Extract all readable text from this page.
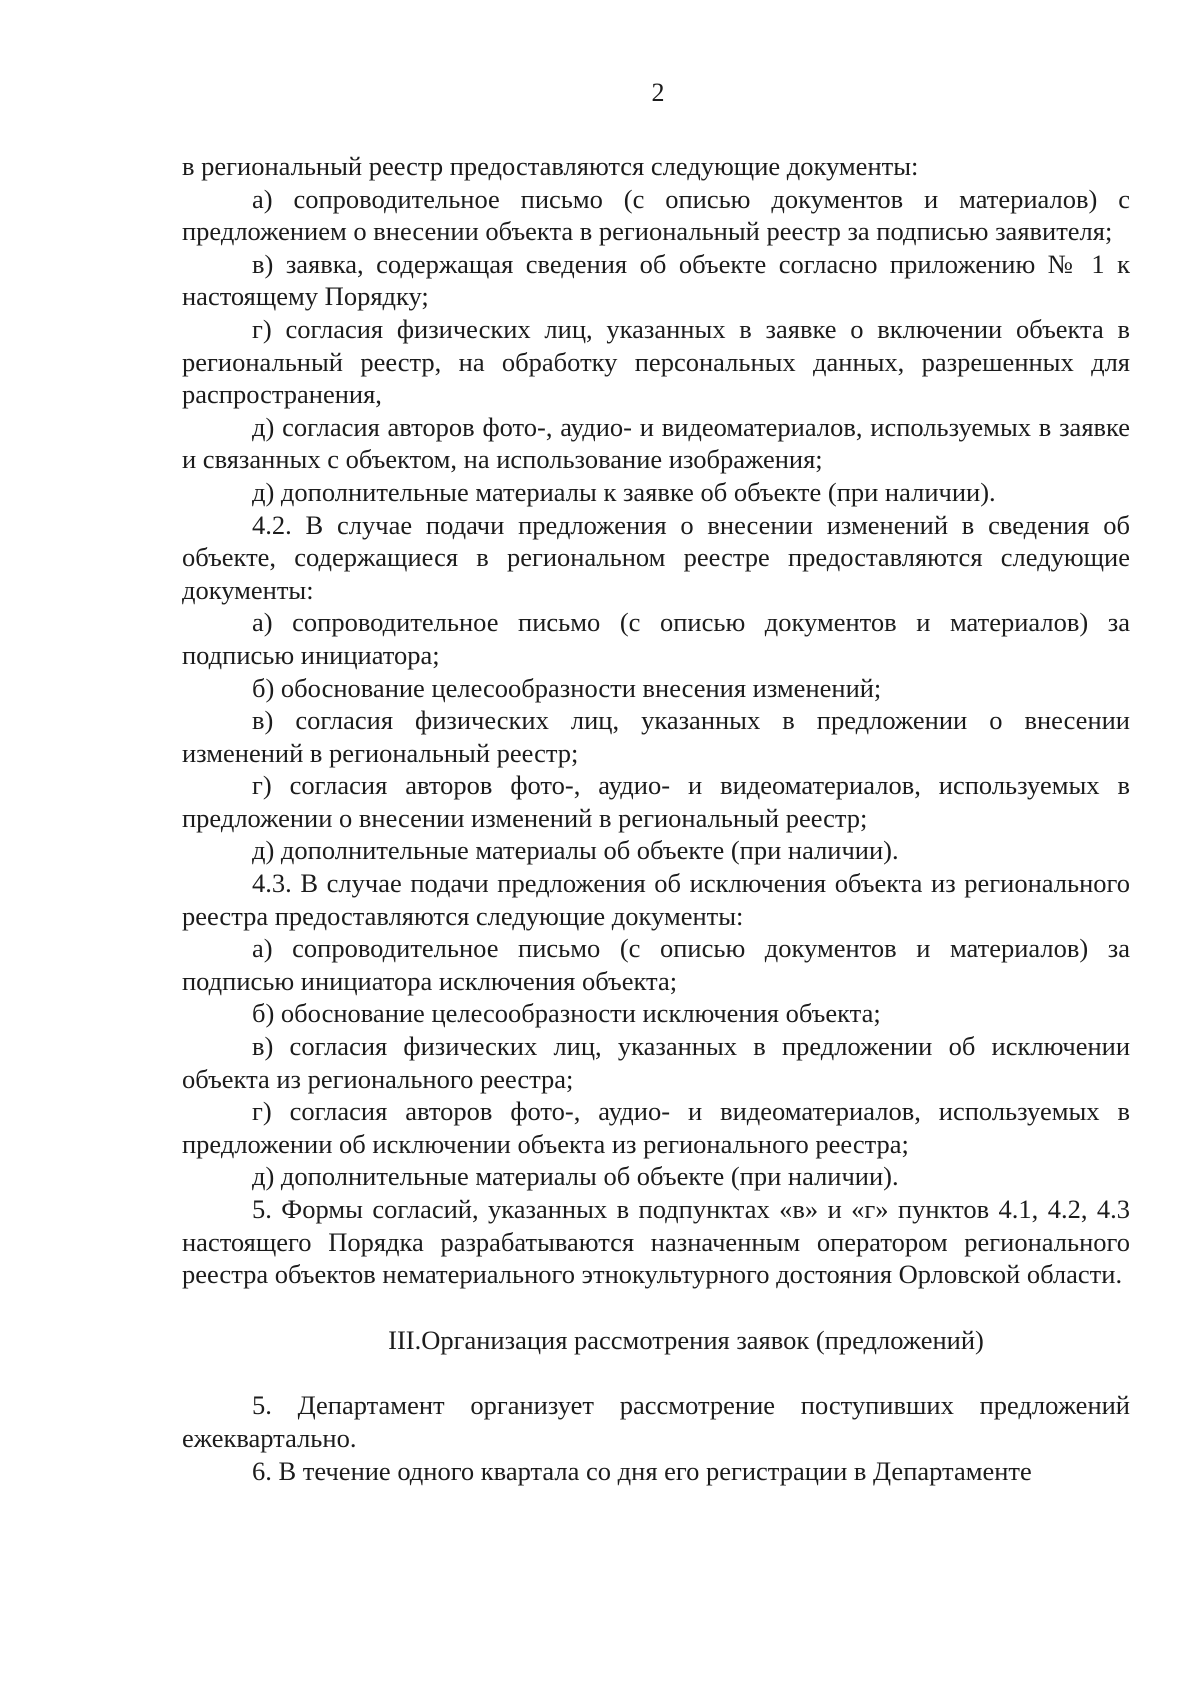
2

в региональный реестр предоставляются следующие документы:

а) сопроводительное письмо (с описью документов и материалов) с предложением о внесении объекта в региональный реестр за подписью заявителя;

в) заявка, содержащая сведения об объекте согласно приложению № 1 к настоящему Порядку;

г) согласия физических лиц, указанных в заявке о включении объекта в региональный реестр, на обработку персональных данных, разрешенных для распространения,

д) согласия авторов фото-, аудио- и видеоматериалов, используемых в заявке и связанных с объектом, на использование изображения;

д) дополнительные материалы к заявке об объекте (при наличии).

4.2. В случае подачи предложения о внесении изменений в сведения об объекте, содержащиеся в региональном реестре предоставляются следующие документы:

а) сопроводительное письмо (с описью документов и материалов) за подписью инициатора;

б) обоснование целесообразности внесения изменений;

в) согласия физических лиц, указанных в предложении о внесении изменений в региональный реестр;

г) согласия авторов фото-, аудио- и видеоматериалов, используемых в предложении о внесении изменений в региональный реестр;

д) дополнительные материалы об объекте (при наличии).

4.3. В случае подачи предложения об исключения объекта из регионального реестра предоставляются следующие документы:

а) сопроводительное письмо (с описью документов и материалов) за подписью инициатора исключения объекта;

б) обоснование целесообразности исключения объекта;

в) согласия физических лиц, указанных в предложении об исключении объекта из регионального реестра;

г) согласия авторов фото-, аудио- и видеоматериалов, используемых в предложении об исключении объекта из регионального реестра;

д) дополнительные материалы об объекте (при наличии).

5. Формы согласий, указанных в подпунктах «в» и «г» пунктов 4.1, 4.2, 4.3 настоящего Порядка разрабатываются назначенным оператором регионального реестра объектов нематериального этнокультурного достояния Орловской области.

III.Организация рассмотрения заявок (предложений)

5. Департамент организует рассмотрение поступивших предложений ежеквартально.

6. В течение одного квартала со дня его регистрации в Департаменте
